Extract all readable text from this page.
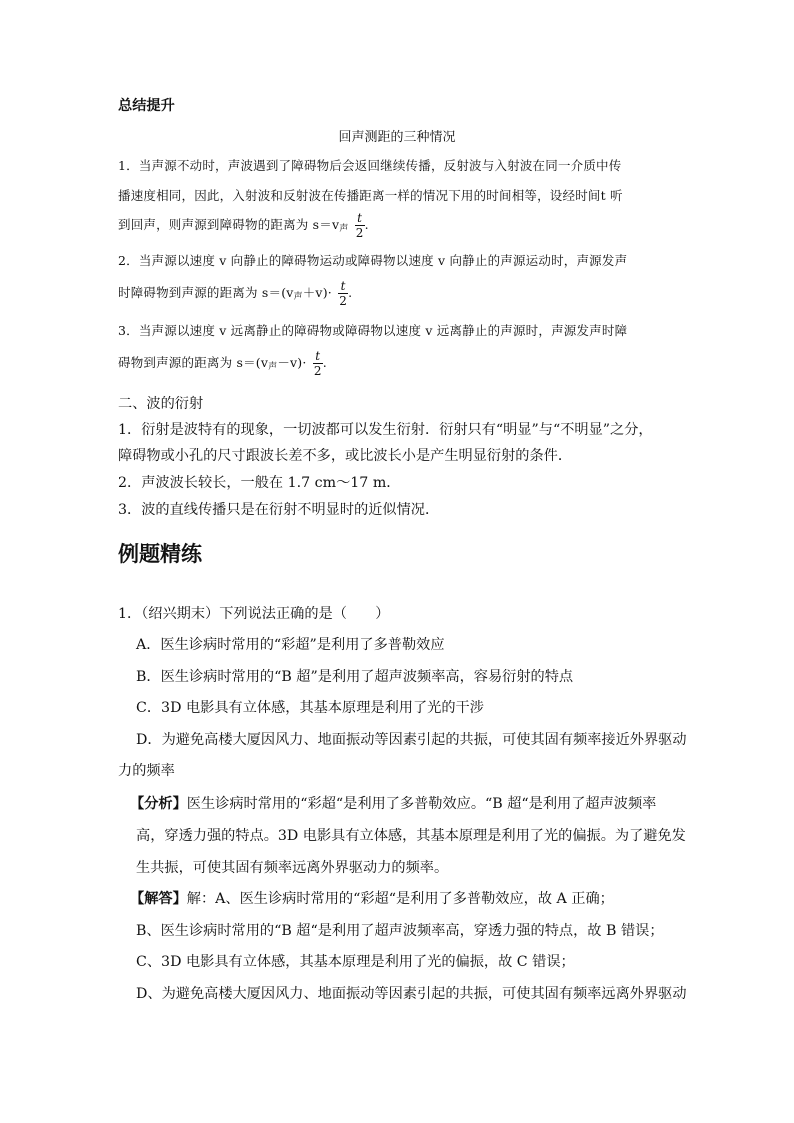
总结提升
回声测距的三种情况
1．当声源不动时，声波遇到了障碍物后会返回继续传播，反射波与入射波在同一介质中传
播速度相同，因此，入射波和反射波在传播距离一样的情况下用的时间相等，设经时间t 听
到回声，则声源到障碍物的距离为 $s=v_声 \frac{t}{2}$ .
2．当声源以速度 v 向静止的障碍物运动或障碍物以速度 v 向静止的声源运动时，声源发声
时障碍物到声源的距离为 $s=(v_声+v)\cdot \frac{t}{2}$ .
3．当声源以速度 v 远离静止的障碍物或障碍物以速度 v 远离静止的声源时，声源发声时障
碍物到声源的距离为 $s=(v_声-v)\cdot \frac{t}{2}$ .
二、波的衍射
1．衍射是波特有的现象，一切波都可以发生衍射．衍射只有“明显”与“不明显”之分，
障碍物或小孔的尺寸跟波长差不多，或比波长小是产生明显衍射的条件．
2．声波波长较长，一般在 1.7 cm～17 m．
3．波的直线传播只是在衍射不明显时的近似情况．
例题精练
1．（绍兴期末）下列说法正确的是（　　）
A．医生诊病时常用的“彩超”是利用了多普勒效应
B．医生诊病时常用的“B 超”是利用了超声波频率高，容易衍射的特点
C．3D 电影具有立体感，其基本原理是利用了光的干涉
D．为避免高楼大厦因风力、地面振动等因素引起的共振，可使其固有频率接近外界驱动
力的频率
【分析】医生诊病时常用的“彩超“是利用了多普勒效应。“B 超“是利用了超声波频率
高，穿透力强的特点。3D 电影具有立体感，其基本原理是利用了光的偏振。为了避免发
生共振，可使其固有频率远离外界驱动力的频率。
【解答】解：A、医生诊病时常用的“彩超“是利用了多普勒效应，故 A 正确；
B、医生诊病时常用的“B 超“是利用了超声波频率高，穿透力强的特点，故 B 错误；
C、3D 电影具有立体感，其基本原理是利用了光的偏振，故 C 错误；
D、为避免高楼大厦因风力、地面振动等因素引起的共振，可使其固有频率远离外界驱动
